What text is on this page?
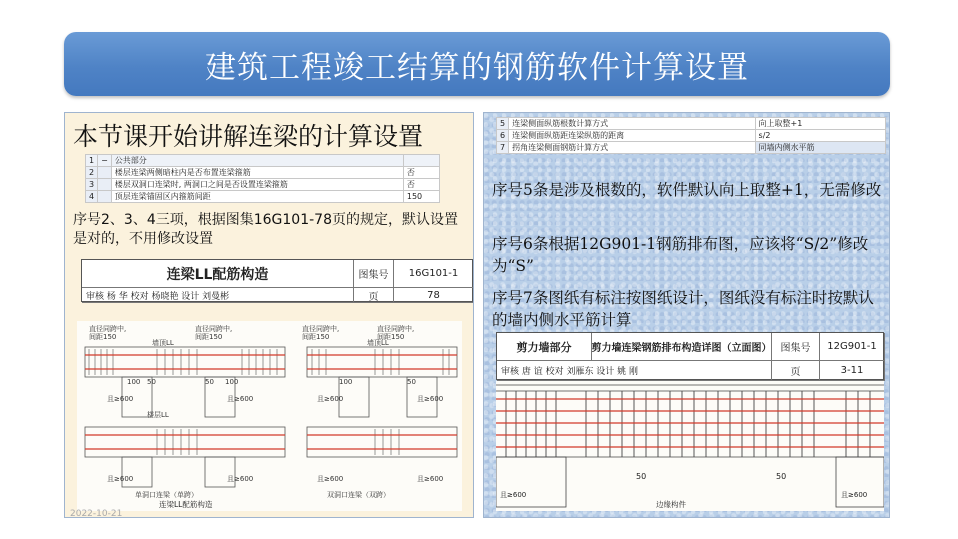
建筑工程竣工结算的钢筋软件计算设置
本节课开始讲解连梁的计算设置
1	−	公共部分	
2		楼层连梁两侧暗柱内是否布置连梁箍筋	否
3		楼层双洞口连梁时, 两洞口之间是否设置连梁箍筋	否
4		顶层连梁锚固区内箍筋间距	150
序号2、3、4三项，根据图集16G101-78页的规定，默认设置是对的，不用修改设置
连梁LL配筋构造	图集号	16G101-1
审核 杨 华 校对 杨晓艳 设计 刘曼彬	页	78
直径同跨中,
间距150
直径同跨中,
间距150
直径同跨中,
间距150
直径同跨中,
间距150
墙顶LL	墙顶LL
楼层LL
100 50	50 100	100	50
且≥600	且≥600	且≥600	且≥600
且≥600	且≥600	且≥600	且≥600
单洞口连梁（单跨）	双洞口连梁（双跨）
连梁LL配筋构造
5	连梁侧面纵筋根数计算方式	向上取整+1
6	连梁侧面纵筋距连梁纵筋的距离	s/2
7	拐角连梁侧面钢筋计算方式	同墙内侧水平筋
序号5条是涉及根数的，软件默认向上取整+1，无需修改
序号6条根据12G901-1钢筋排布图，应该将“S/2”修改为“S”
序号7条图纸有标注按图纸设计，图纸没有标注时按默认的墙内侧水平筋计算
剪力墙部分	剪力墙连梁钢筋排布构造详图（立面图） 图集号	12G901-1
审核 唐 谊 校对 刘雁东 设计 姚 刚	页	3-11
50	50
且≥600	且≥600
边缘构件
2022-10-21
